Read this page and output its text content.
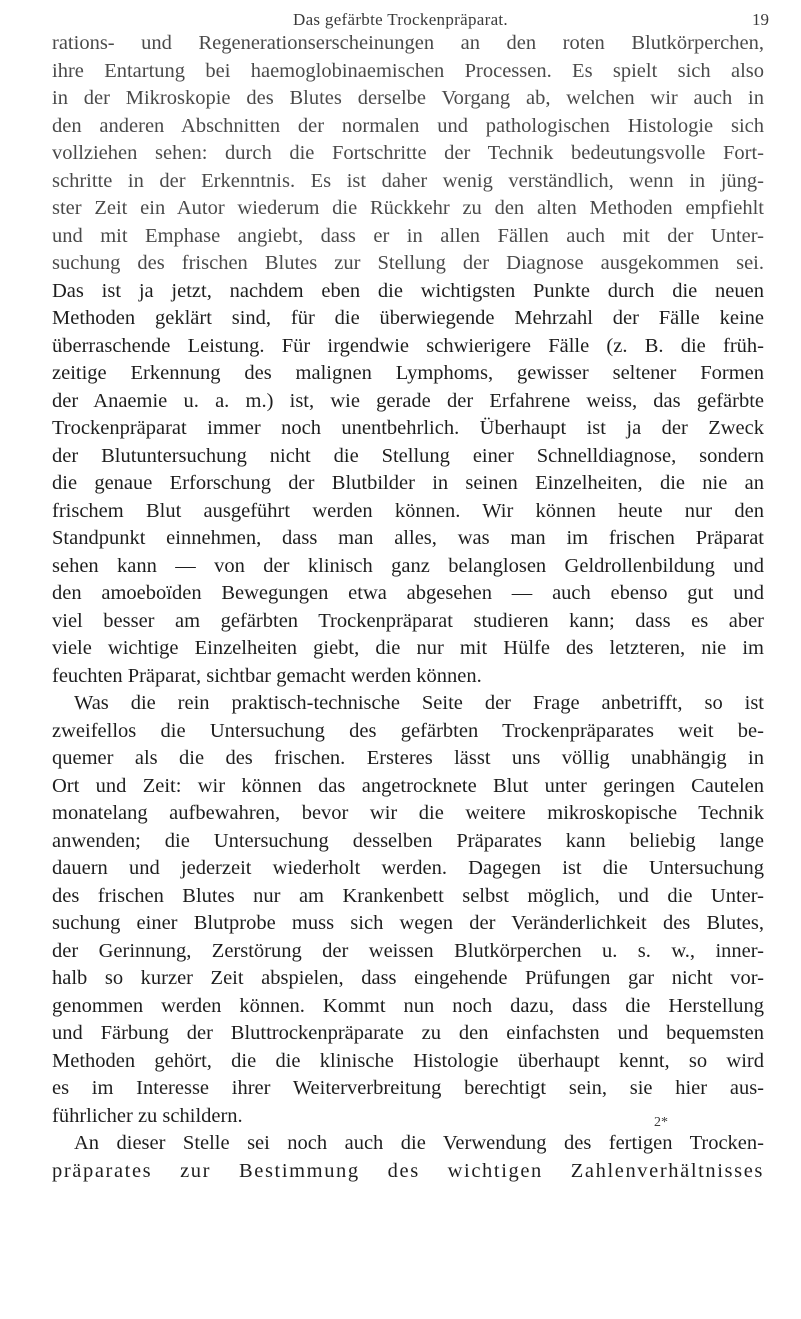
Das gefärbte Trockenpräparat.	19
rations- und Regenerationserscheinungen an den roten Blutkörperchen,
ihre Entartung bei haemoglobinaemischen Processen. Es spielt sich also
in der Mikroskopie des Blutes derselbe Vorgang ab, welchen wir auch in
den anderen Abschnitten der normalen und pathologischen Histologie sich
vollziehen sehen: durch die Fortschritte der Technik bedeutungsvolle Fort-
schritte in der Erkenntnis. Es ist daher wenig verständlich, wenn in jüng-
ster Zeit ein Autor wiederum die Rückkehr zu den alten Methoden empfiehlt
und mit Emphase angiebt, dass er in allen Fällen auch mit der Unter-
suchung des frischen Blutes zur Stellung der Diagnose ausgekommen sei.
Das ist ja jetzt, nachdem eben die wichtigsten Punkte durch die neuen
Methoden geklärt sind, für die überwiegende Mehrzahl der Fälle keine
überraschende Leistung. Für irgendwie schwierigere Fälle (z. B. die früh-
zeitige Erkennung des malignen Lymphoms, gewisser seltener Formen
der Anaemie u. a. m.) ist, wie gerade der Erfahrene weiss, das gefärbte
Trockenpräparat immer noch unentbehrlich. Überhaupt ist ja der Zweck
der Blutuntersuchung nicht die Stellung einer Schnelldiagnose, sondern
die genaue Erforschung der Blutbilder in seinen Einzelheiten, die nie an
frischem Blut ausgeführt werden können. Wir können heute nur den
Standpunkt einnehmen, dass man alles, was man im frischen Präparat
sehen kann — von der klinisch ganz belanglosen Geldrollenbildung und
den amoeboïden Bewegungen etwa abgesehen — auch ebenso gut und
viel besser am gefärbten Trockenpräparat studieren kann; dass es aber
viele wichtige Einzelheiten giebt, die nur mit Hülfe des letzteren, nie im
feuchten Präparat, sichtbar gemacht werden können.
Was die rein praktisch-technische Seite der Frage anbetrifft, so ist
zweifellos die Untersuchung des gefärbten Trockenpräparates weit be-
quemer als die des frischen. Ersteres lässt uns völlig unabhängig in
Ort und Zeit: wir können das angetrocknete Blut unter geringen Cautelen
monatelang aufbewahren, bevor wir die weitere mikroskopische Technik
anwenden; die Untersuchung desselben Präparates kann beliebig lange
dauern und jederzeit wiederholt werden. Dagegen ist die Untersuchung
des frischen Blutes nur am Krankenbett selbst möglich, und die Unter-
suchung einer Blutprobe muss sich wegen der Veränderlichkeit des Blutes,
der Gerinnung, Zerstörung der weissen Blutkörperchen u. s. w., inner-
halb so kurzer Zeit abspielen, dass eingehende Prüfungen gar nicht vor-
genommen werden können. Kommt nun noch dazu, dass die Herstellung
und Färbung der Bluttrockenpräparate zu den einfachsten und bequemsten
Methoden gehört, die die klinische Histologie überhaupt kennt, so wird
es im Interesse ihrer Weiterverbreitung berechtigt sein, sie hier aus-
führlicher zu schildern.
An dieser Stelle sei noch auch die Verwendung des fertigen Trocken-
präparates zur Bestimmung des wichtigen Zahlenverhältnisses
2*
